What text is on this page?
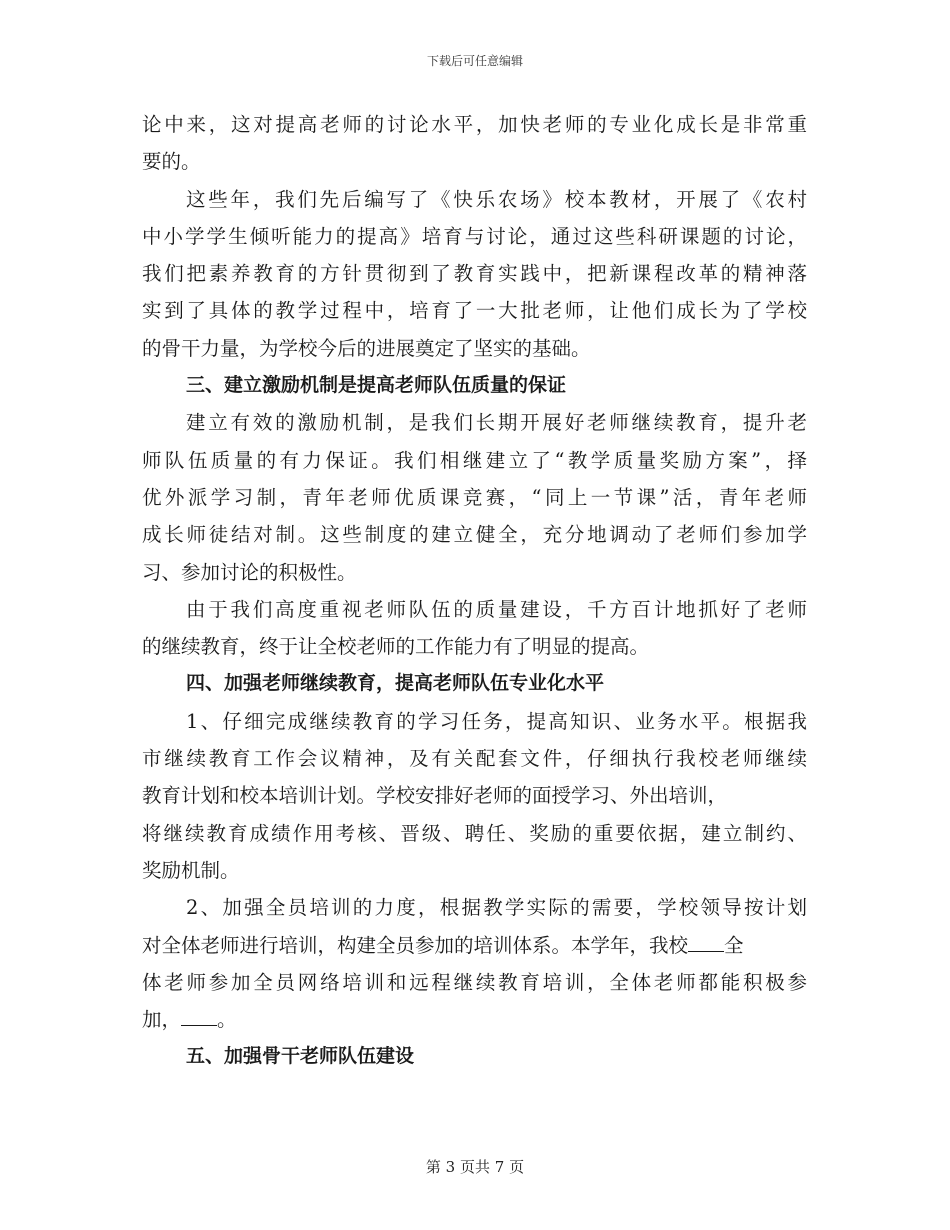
下载后可任意编辑
论中来，这对提高老师的讨论水平，加快老师的专业化成长是非常重
要的。
这些年，我们先后编写了《快乐农场》校本教材，开展了《农村
中小学学生倾听能力的提高》培育与讨论，通过这些科研课题的讨论，
我们把素养教育的方针贯彻到了教育实践中，把新课程改革的精神落
实到了具体的教学过程中，培育了一大批老师，让他们成长为了学校
的骨干力量，为学校今后的进展奠定了坚实的基础。
三、建立激励机制是提高老师队伍质量的保证
建立有效的激励机制，是我们长期开展好老师继续教育，提升老
师队伍质量的有力保证。我们相继建立了“教学质量奖励方案”，择
优外派学习制，青年老师优质课竞赛，“同上一节课”活，青年老师
成长师徒结对制。这些制度的建立健全，充分地调动了老师们参加学
习、参加讨论的积极性。
由于我们高度重视老师队伍的质量建设，千方百计地抓好了老师
的继续教育，终于让全校老师的工作能力有了明显的提高。
四、加强老师继续教育，提高老师队伍专业化水平
1、仔细完成继续教育的学习任务，提高知识、业务水平。根据我
市继续教育工作会议精神，及有关配套文件，仔细执行我校老师继续
教育计划和校本培训计划。学校安排好老师的面授学习、外出培训，
将继续教育成绩作用考核、晋级、聘任、奖励的重要依据，建立制约、
奖励机制。
2、加强全员培训的力度，根据教学实际的需要，学校领导按计划
对全体老师进行培训，构建全员参加的培训体系。本学年，我校 全
体老师参加全员网络培训和远程继续教育培训，全体老师都能积极参
加， 。
五、加强骨干老师队伍建设
第 3 页共 7 页
